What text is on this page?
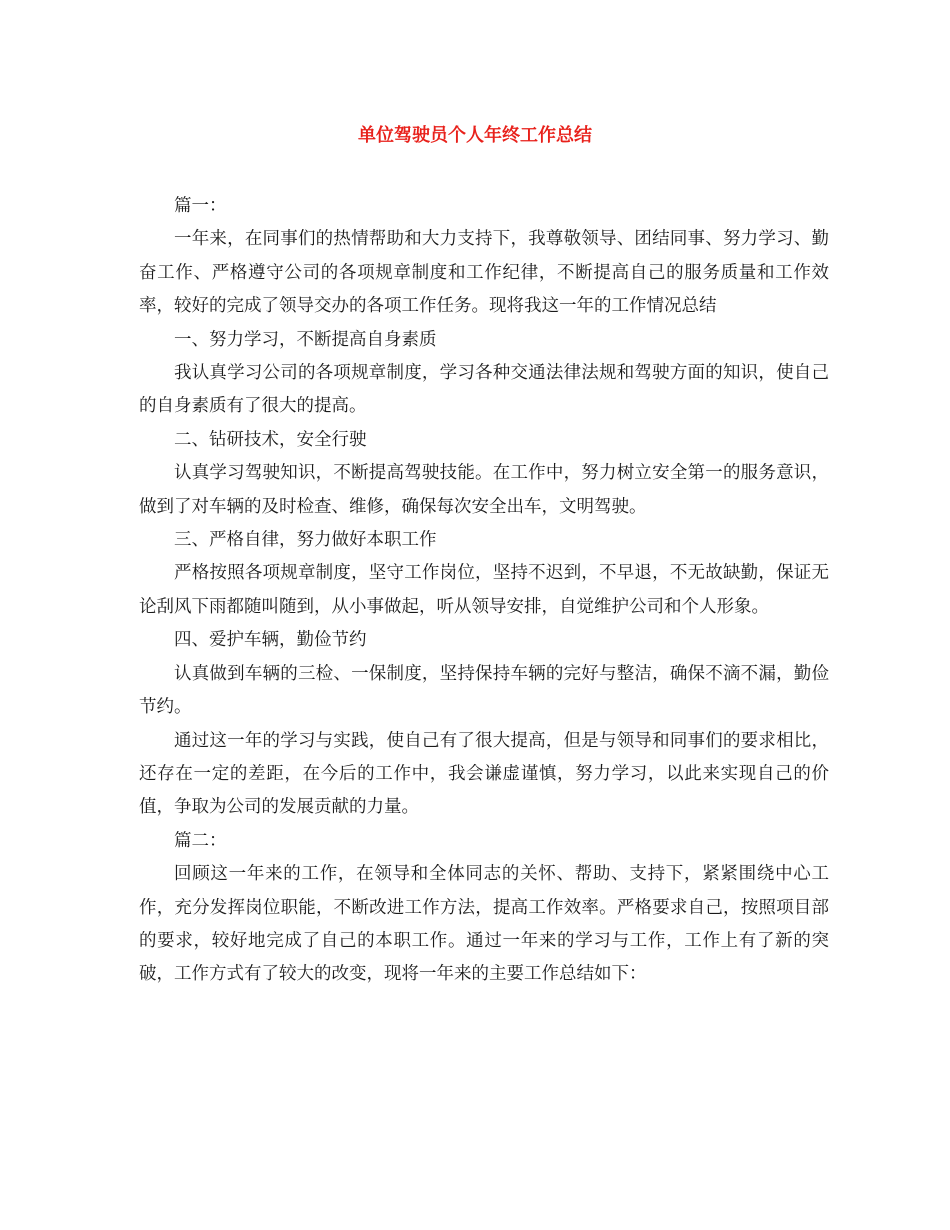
单位驾驶员个人年终工作总结

篇一：

一年来，在同事们的热情帮助和大力支持下，我尊敬领导、团结同事、努力学习、勤奋工作、严格遵守公司的各项规章制度和工作纪律，不断提高自己的服务质量和工作效率，较好的完成了领导交办的各项工作任务。现将我这一年的工作情况总结

一、努力学习，不断提高自身素质

我认真学习公司的各项规章制度，学习各种交通法律法规和驾驶方面的知识，使自己的自身素质有了很大的提高。

二、钻研技术，安全行驶

认真学习驾驶知识，不断提高驾驶技能。在工作中，努力树立安全第一的服务意识，做到了对车辆的及时检查、维修，确保每次安全出车，文明驾驶。

三、严格自律，努力做好本职工作

严格按照各项规章制度，坚守工作岗位，坚持不迟到，不早退，不无故缺勤，保证无论刮风下雨都随叫随到，从小事做起，听从领导安排，自觉维护公司和个人形象。

四、爱护车辆，勤俭节约

认真做到车辆的三检、一保制度，坚持保持车辆的完好与整洁，确保不滴不漏，勤俭节约。

通过这一年的学习与实践，使自己有了很大提高，但是与领导和同事们的要求相比，还存在一定的差距，在今后的工作中，我会谦虚谨慎，努力学习，以此来实现自己的价值，争取为公司的发展贡献的力量。

篇二：

回顾这一年来的工作，在领导和全体同志的关怀、帮助、支持下，紧紧围绕中心工作，充分发挥岗位职能，不断改进工作方法，提高工作效率。严格要求自己，按照项目部的要求，较好地完成了自己的本职工作。通过一年来的学习与工作，工作上有了新的突破，工作方式有了较大的改变，现将一年来的主要工作总结如下：
